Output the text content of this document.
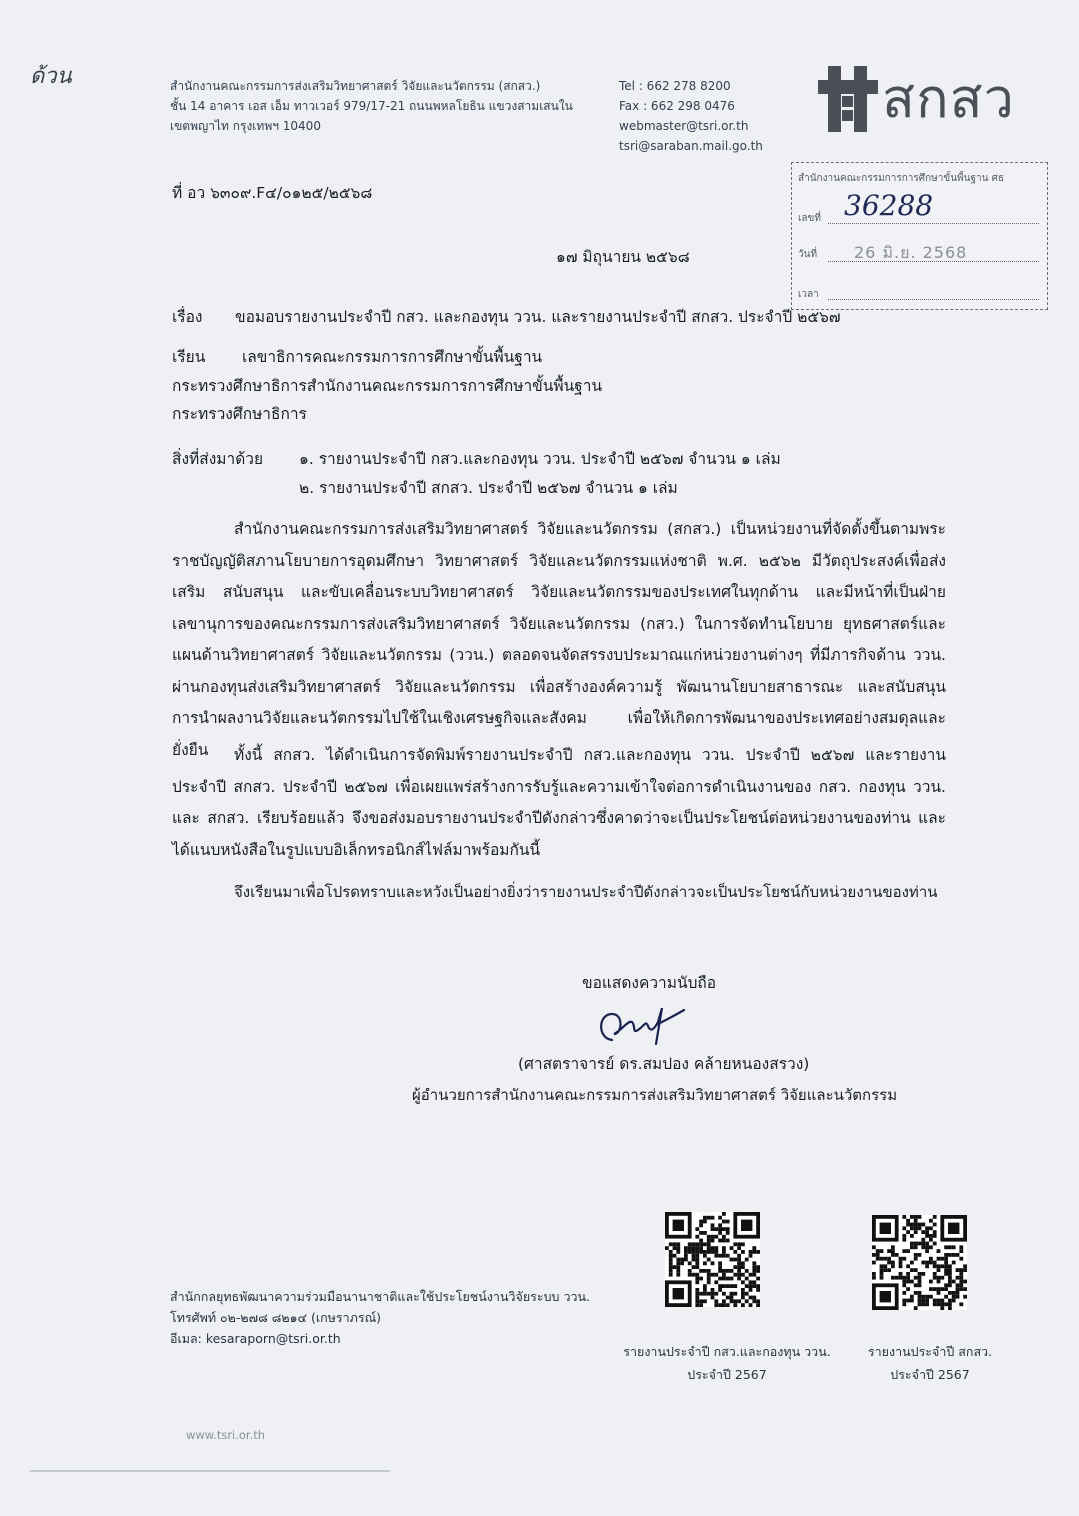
ด้วน	สำนักงานคณะกรรมการส่งเสริมวิทยาศาสตร์ วิจัยและนวัตกรรม (สกสว.)
ชั้น 14 อาคาร เอส เอ็ม ทาวเวอร์ 979/17-21 ถนนพหลโยธิน แขวงสามเสนใน
เขตพญาไท กรุงเทพฯ 10400
Tel : 662 278 8200
Fax : 662 298 0476
webmaster@tsri.or.th
tsri@saraban.mail.go.th
สกสว
สำนักงานคณะกรรมการการศึกษาขั้นพื้นฐาน ศธ
เลขที่ 36288
วันที่	26 มิ.ย. 2568
เวลา
ที่ อว ๖๓๐๙.F๔/๐๑๒๕/๒๕๖๘
๑๗ มิถุนายน ๒๕๖๘
เรื่อง ขอมอบรายงานประจำปี กสว. และกองทุน ววน. และรายงานประจำปี สกสว. ประจำปี ๒๕๖๗
เรียน เลขาธิการคณะกรรมการการศึกษาขั้นพื้นฐาน
กระทรวงศึกษาธิการสำนักงานคณะกรรมการการศึกษาขั้นพื้นฐาน
กระทรวงศึกษาธิการ
สิ่งที่ส่งมาด้วย ๑. รายงานประจำปี กสว.และกองทุน ววน. ประจำปี ๒๕๖๗ จำนวน ๑ เล่ม
๒. รายงานประจำปี สกสว. ประจำปี ๒๕๖๗ จำนวน ๑ เล่ม
สำนักงานคณะกรรมการส่งเสริมวิทยาศาสตร์ วิจัยและนวัตกรรม (สกสว.) เป็นหน่วยงานที่จัดตั้งขึ้นตามพระราชบัญญัติสภานโยบายการอุดมศึกษา วิทยาศาสตร์ วิจัยและนวัตกรรมแห่งชาติ พ.ศ. ๒๕๖๒ มีวัตถุประสงค์เพื่อส่งเสริม สนับสนุน และขับเคลื่อนระบบวิทยาศาสตร์ วิจัยและนวัตกรรมของประเทศในทุกด้าน และมีหน้าที่เป็นฝ่ายเลขานุการของคณะกรรมการส่งเสริมวิทยาศาสตร์ วิจัยและนวัตกรรม (กสว.) ในการจัดทำนโยบาย ยุทธศาสตร์และแผนด้านวิทยาศาสตร์ วิจัยและนวัตกรรม (ววน.) ตลอดจนจัดสรรงบประมาณแก่หน่วยงานต่างๆ ที่มีภารกิจด้าน ววน. ผ่านกองทุนส่งเสริมวิทยาศาสตร์ วิจัยและนวัตกรรม เพื่อสร้างองค์ความรู้ พัฒนานโยบายสาธารณะ และสนับสนุนการนำผลงานวิจัยและนวัตกรรมไปใช้ในเชิงเศรษฐกิจและสังคม เพื่อให้เกิดการพัฒนาของประเทศอย่างสมดุลและยั่งยืน	ทั้งนี้ สกสว. ได้ดำเนินการจัดพิมพ์รายงานประจำปี กสว.และกองทุน ววน. ประจำปี ๒๕๖๗ และรายงานประจำปี สกสว. ประจำปี ๒๕๖๗ เพื่อเผยแพร่สร้างการรับรู้และความเข้าใจต่อการดำเนินงานของ กสว. กองทุน ววน. และ สกสว. เรียบร้อยแล้ว จึงขอส่งมอบรายงานประจำปีดังกล่าวซึ่งคาดว่าจะเป็นประโยชน์ต่อหน่วยงานของท่าน และได้แนบหนังสือในรูปแบบอิเล็กทรอนิกส์ไฟล์มาพร้อมกันนี้
จึงเรียนมาเพื่อโปรดทราบและหวังเป็นอย่างยิ่งว่ารายงานประจำปีดังกล่าวจะเป็นประโยชน์กับหน่วยงานของท่าน
ขอแสดงความนับถือ
(ศาสตราจารย์ ดร.สมปอง คล้ายหนองสรวง)
ผู้อำนวยการสำนักงานคณะกรรมการส่งเสริมวิทยาศาสตร์ วิจัยและนวัตกรรม
รายงานประจำปี กสว.และกองทุน ววน.
ประจำปี 2567
รายงานประจำปี สกสว.
ประจำปี 2567
สำนักกลยุทธพัฒนาความร่วมมือนานาชาติและใช้ประโยชน์งานวิจัยระบบ ววน.
โทรศัพท์ ๐๒-๒๗๘ ๘๒๑๔ (เกษราภรณ์)
อีเมล: kesaraporn@tsri.or.th
www.tsri.or.th
